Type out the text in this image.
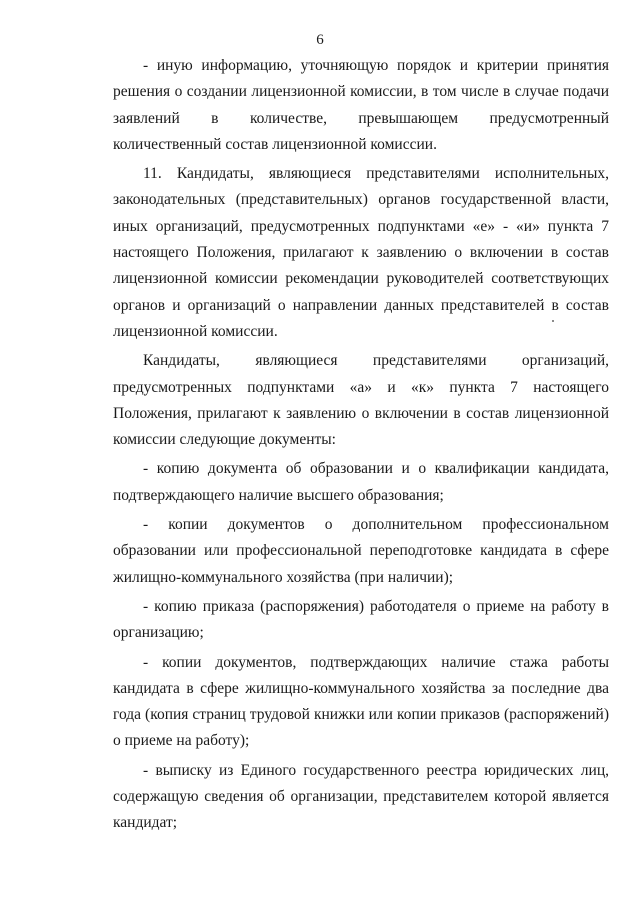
6

- иную информацию, уточняющую порядок и критерии принятия решения о создании лицензионной комиссии, в том числе в случае подачи заявлений в количестве, превышающем предусмотренный количественный состав лицензионной комиссии.

11. Кандидаты, являющиеся представителями исполнительных, законодательных (представительных) органов государственной власти, иных организаций, предусмотренных подпунктами «е» - «и» пункта 7 настоящего Положения, прилагают к заявлению о включении в состав лицензионной комиссии рекомендации руководителей соответствующих органов и организаций о направлении данных представителей в состав лицензионной комиссии.

Кандидаты, являющиеся представителями организаций, предусмотренных подпунктами «а» и «к» пункта 7 настоящего Положения, прилагают к заявлению о включении в состав лицензионной комиссии следующие документы:

- копию документа об образовании и о квалификации кандидата, подтверждающего наличие высшего образования;

- копии документов о дополнительном профессиональном образовании или профессиональной переподготовке кандидата в сфере жилищно-коммунального хозяйства (при наличии);

- копию приказа (распоряжения) работодателя о приеме на работу в организацию;

- копии документов, подтверждающих наличие стажа работы кандидата в сфере жилищно-коммунального хозяйства за последние два года (копия страниц трудовой книжки или копии приказов (распоряжений) о приеме на работу);

- выписку из Единого государственного реестра юридических лиц, содержащую сведения об организации, представителем которой является кандидат;
